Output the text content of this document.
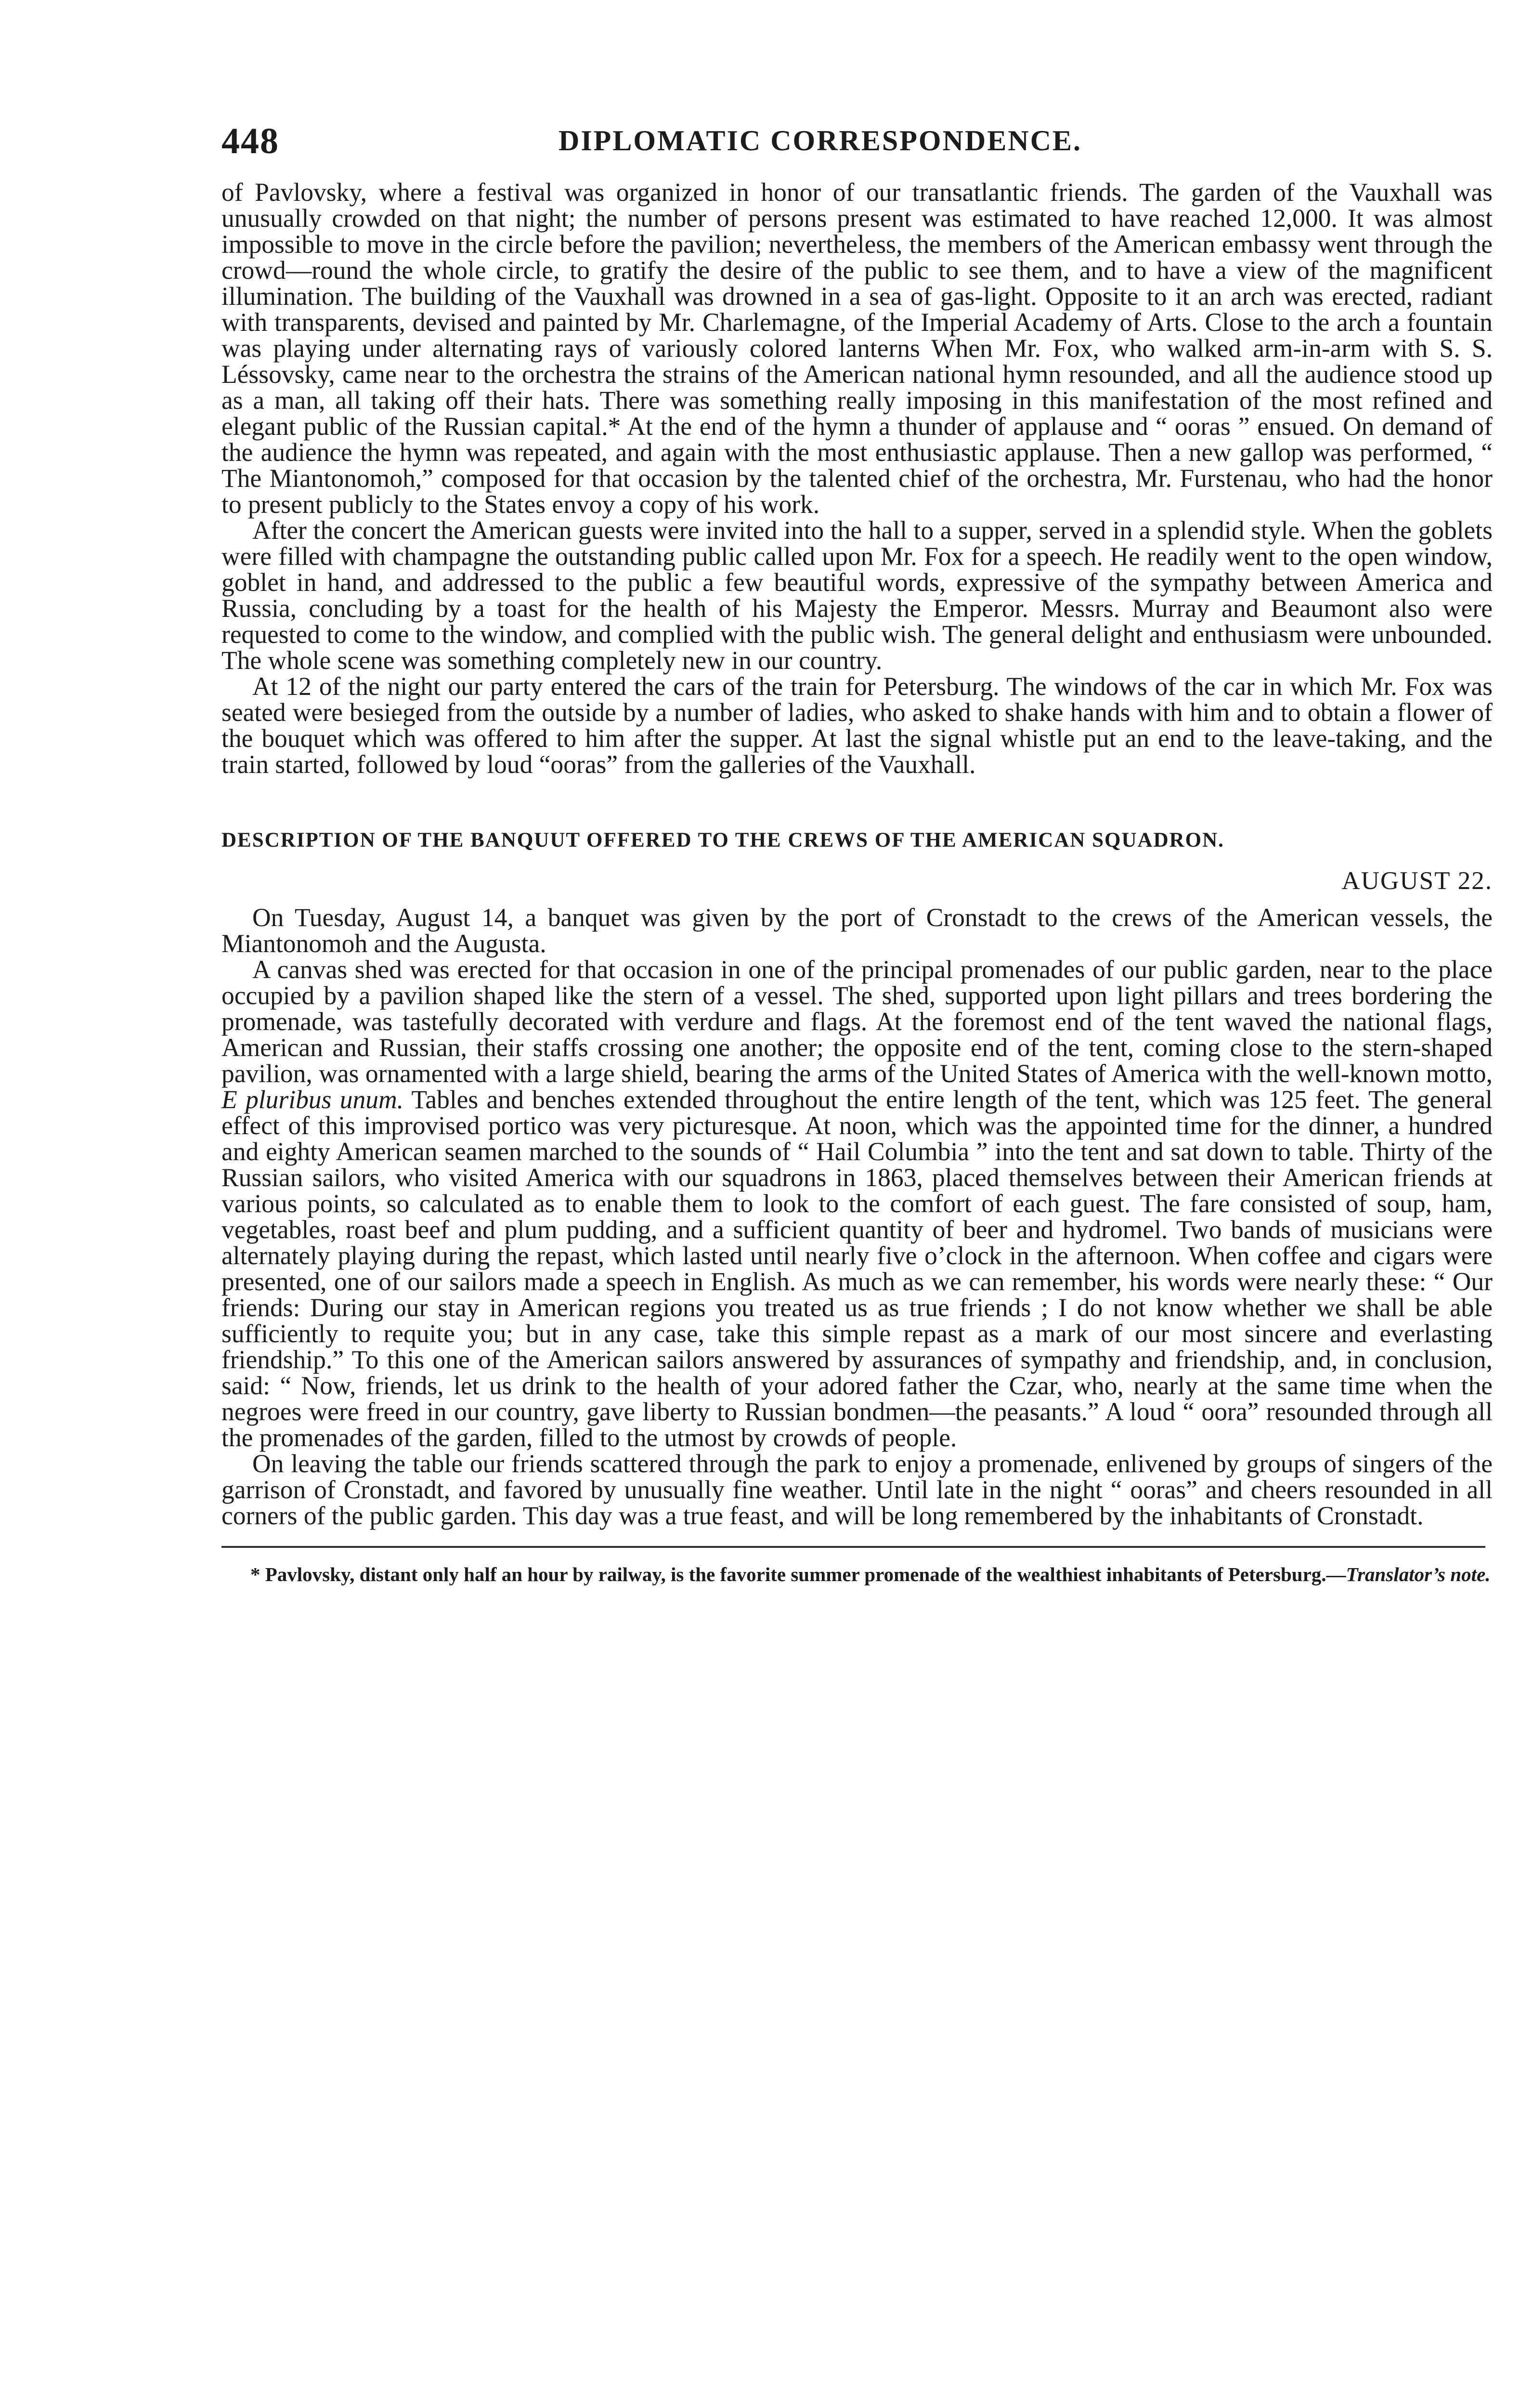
448	DIPLOMATIC CORRESPONDENCE.

of Pavlovsky, where a festival was organized in honor of our transatlantic friends. The garden of the Vauxhall was unusually crowded on that night; the number of persons present was estimated to have reached 12,000. It was almost impossible to move in the circle before the pavilion; nevertheless, the members of the American embassy went through the crowd—round the whole circle, to gratify the desire of the public to see them, and to have a view of the magnificent illumination. The building of the Vauxhall was drowned in a sea of gas-light. Opposite to it an arch was erected, radiant with transparents, devised and painted by Mr. Charlemagne, of the Imperial Academy of Arts. Close to the arch a fountain was playing under alternating rays of variously colored lanterns When Mr. Fox, who walked arm-in-arm with S. S. Léssovsky, came near to the orchestra the strains of the American national hymn resounded, and all the audience stood up as a man, all taking off their hats. There was something really imposing in this manifestation of the most refined and elegant public of the Russian capital.* At the end of the hymn a thunder of applause and “ ooras ” ensued. On demand of the audience the hymn was repeated, and again with the most enthusiastic applause. Then a new gallop was performed, “ The Miantonomoh,” composed for that occasion by the talented chief of the orchestra, Mr. Furstenau, who had the honor to present publicly to the States envoy a copy of his work.

After the concert the American guests were invited into the hall to a supper, served in a splendid style. When the goblets were filled with champagne the outstanding public called upon Mr. Fox for a speech. He readily went to the open window, goblet in hand, and addressed to the public a few beautiful words, expressive of the sympathy between America and Russia, concluding by a toast for the health of his Majesty the Emperor. Messrs. Murray and Beaumont also were requested to come to the window, and complied with the public wish. The general delight and enthusiasm were unbounded. The whole scene was something completely new in our country.

At 12 of the night our party entered the cars of the train for Petersburg. The windows of the car in which Mr. Fox was seated were besieged from the outside by a number of ladies, who asked to shake hands with him and to obtain a flower of the bouquet which was offered to him after the supper. At last the signal whistle put an end to the leave-taking, and the train started, followed by loud “ooras” from the galleries of the Vauxhall.

DESCRIPTION OF THE BANQUUT OFFERED TO THE CREWS OF THE AMERICAN SQUADRON.
AUGUST 22.

On Tuesday, August 14, a banquet was given by the port of Cronstadt to the crews of the American vessels, the Miantonomoh and the Augusta.

A canvas shed was erected for that occasion in one of the principal promenades of our public garden, near to the place occupied by a pavilion shaped like the stern of a vessel. The shed, supported upon light pillars and trees bordering the promenade, was tastefully decorated with verdure and flags. At the foremost end of the tent waved the national flags, American and Russian, their staffs crossing one another; the opposite end of the tent, coming close to the stern-shaped pavilion, was ornamented with a large shield, bearing the arms of the United States of America with the well-known motto, E pluribus unum. Tables and benches extended throughout the entire length of the tent, which was 125 feet. The general effect of this improvised portico was very picturesque. At noon, which was the appointed time for the dinner, a hundred and eighty American seamen marched to the sounds of “ Hail Columbia ” into the tent and sat down to table. Thirty of the Russian sailors, who visited America with our squadrons in 1863, placed themselves between their American friends at various points, so calculated as to enable them to look to the comfort of each guest. The fare consisted of soup, ham, vegetables, roast beef and plum pudding, and a sufficient quantity of beer and hydromel. Two bands of musicians were alternately playing during the repast, which lasted until nearly five o’clock in the afternoon. When coffee and cigars were presented, one of our sailors made a speech in English. As much as we can remember, his words were nearly these: “ Our friends: During our stay in American regions you treated us as true friends ; I do not know whether we shall be able sufficiently to requite you; but in any case, take this simple repast as a mark of our most sincere and everlasting friendship.” To this one of the American sailors answered by assurances of sympathy and friendship, and, in conclusion, said: “ Now, friends, let us drink to the health of your adored father the Czar, who, nearly at the same time when the negroes were freed in our country, gave liberty to Russian bondmen—the peasants.” A loud “ oora” resounded through all the promenades of the garden, filled to the utmost by crowds of people.

On leaving the table our friends scattered through the park to enjoy a promenade, enlivened by groups of singers of the garrison of Cronstadt, and favored by unusually fine weather. Until late in the night “ ooras” and cheers resounded in all corners of the public garden. This day was a true feast, and will be long remembered by the inhabitants of Cronstadt.

* Pavlovsky, distant only half an hour by railway, is the favorite summer promenade of the wealthiest inhabitants of Petersburg.—Translator’s note.
